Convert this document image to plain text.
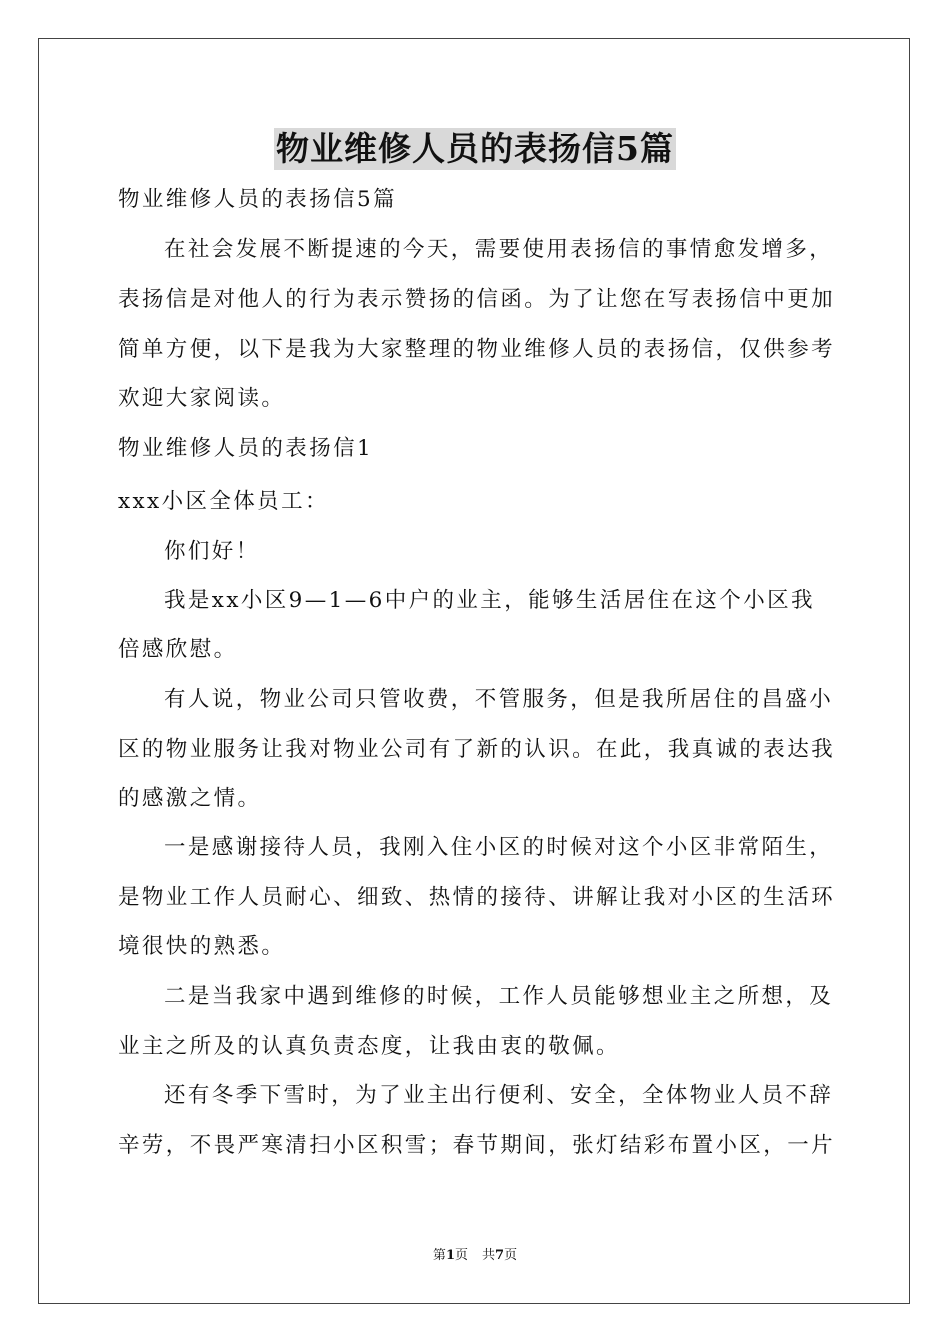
物业维修人员的表扬信5篇
物业维修人员的表扬信5篇
在社会发展不断提速的今天，需要使用表扬信的事情愈发增多，
表扬信是对他人的行为表示赞扬的信函。为了让您在写表扬信中更加
简单方便，以下是我为大家整理的物业维修人员的表扬信，仅供参考
欢迎大家阅读。
物业维修人员的表扬信1
xxx小区全体员工：
你们好！
我是xx小区9—1—6中户的业主，能够生活居住在这个小区我
倍感欣慰。
有人说，物业公司只管收费，不管服务，但是我所居住的昌盛小
区的物业服务让我对物业公司有了新的认识。在此，我真诚的表达我
的感激之情。
一是感谢接待人员，我刚入住小区的时候对这个小区非常陌生，
是物业工作人员耐心、细致、热情的接待、讲解让我对小区的生活环
境很快的熟悉。
二是当我家中遇到维修的时候，工作人员能够想业主之所想，及
业主之所及的认真负责态度，让我由衷的敬佩。
还有冬季下雪时，为了业主出行便利、安全，全体物业人员不辞
辛劳，不畏严寒清扫小区积雪；春节期间，张灯结彩布置小区，一片
第1页 共7页
